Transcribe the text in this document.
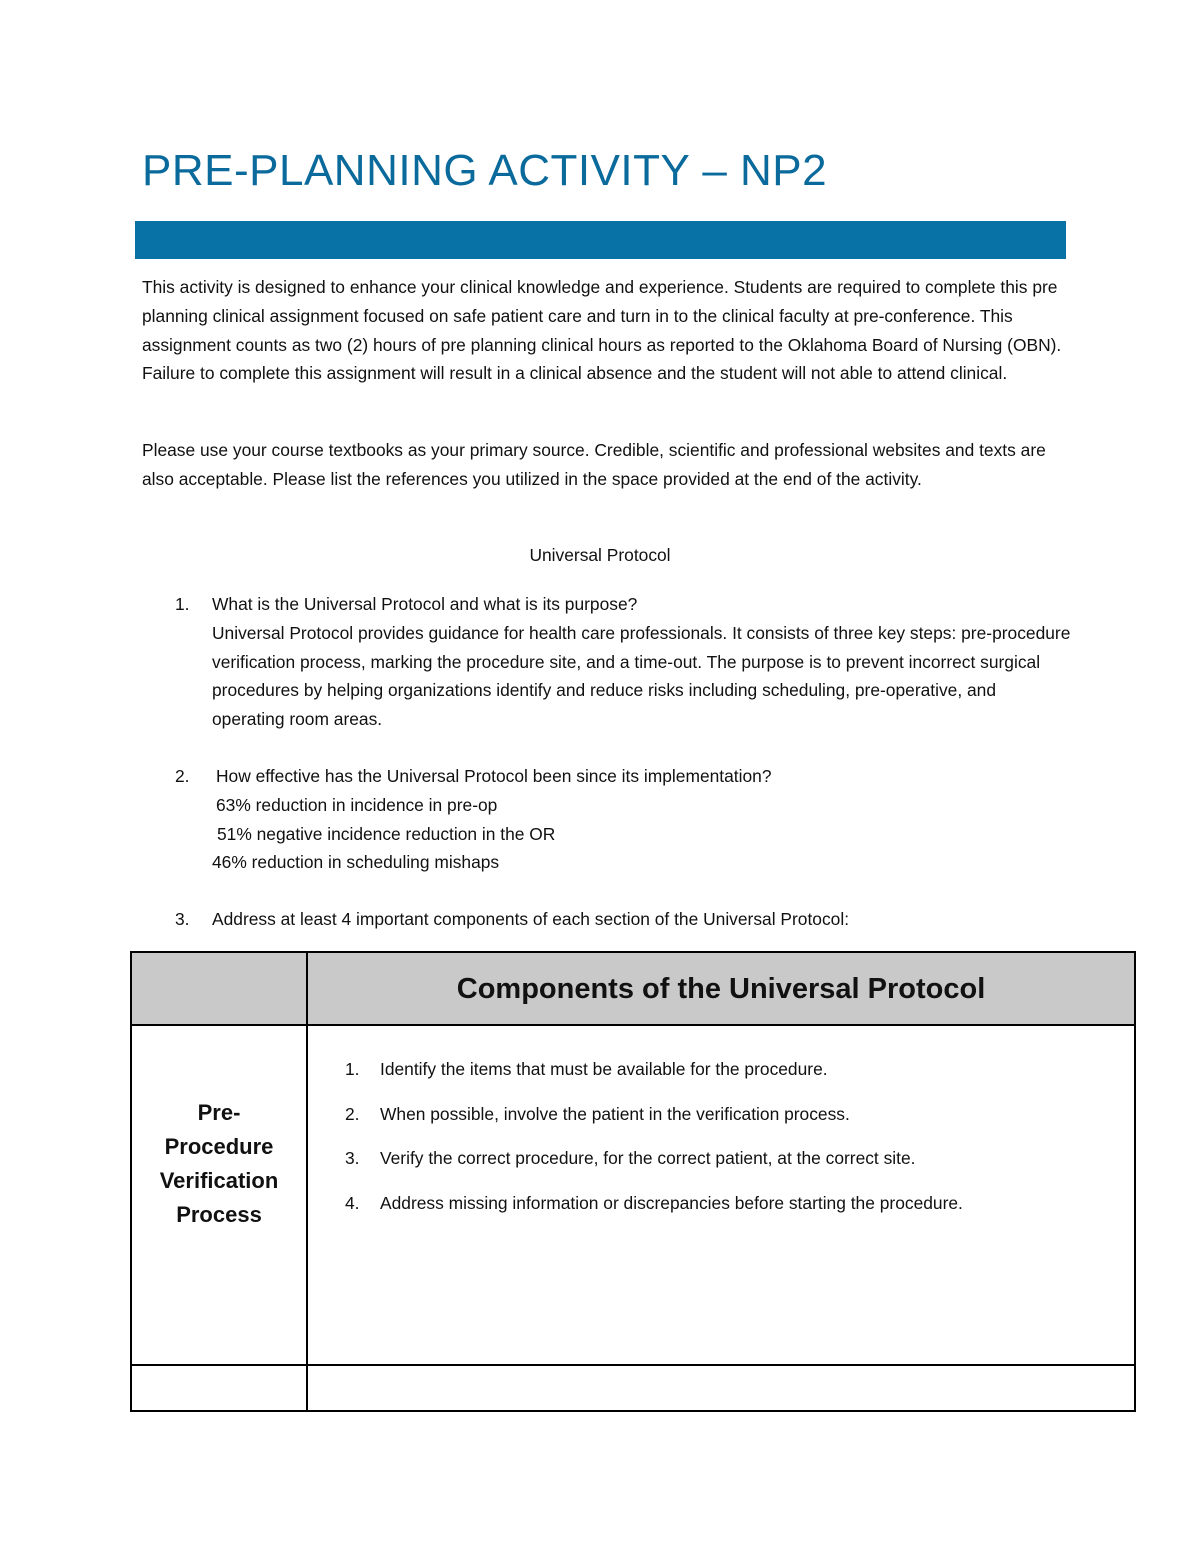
PRE-PLANNING ACTIVITY – NP2

This activity is designed to enhance your clinical knowledge and experience. Students are required to complete this pre planning clinical assignment focused on safe patient care and turn in to the clinical faculty at pre-conference. This assignment counts as two (2) hours of pre planning clinical hours as reported to the Oklahoma Board of Nursing (OBN). Failure to complete this assignment will result in a clinical absence and the student will not able to attend clinical.

Please use your course textbooks as your primary source. Credible, scientific and professional websites and texts are also acceptable. Please list the references you utilized in the space provided at the end of the activity.

Universal Protocol
1. What is the Universal Protocol and what is its purpose?

Universal Protocol provides guidance for health care professionals. It consists of three key steps: pre-procedure verification process, marking the procedure site, and a time-out. The purpose is to prevent incorrect surgical procedures by helping organizations identify and reduce risks including scheduling, pre-operative, and operating room areas.

2. How effective has the Universal Protocol been since its implementation?
63% reduction in incidence in pre-op
51% negative incidence reduction in the OR
46% reduction in scheduling mishaps
3. Address at least 4 important components of each section of the Universal Protocol:
Components of the Universal Protocol
Pre-
Procedure
Verification
Process
1. Identify the items that must be available for the procedure.
2. When possible, involve the patient in the verification process.
3. Verify the correct procedure, for the correct patient, at the correct site.
4. Address missing information or discrepancies before starting the procedure.
